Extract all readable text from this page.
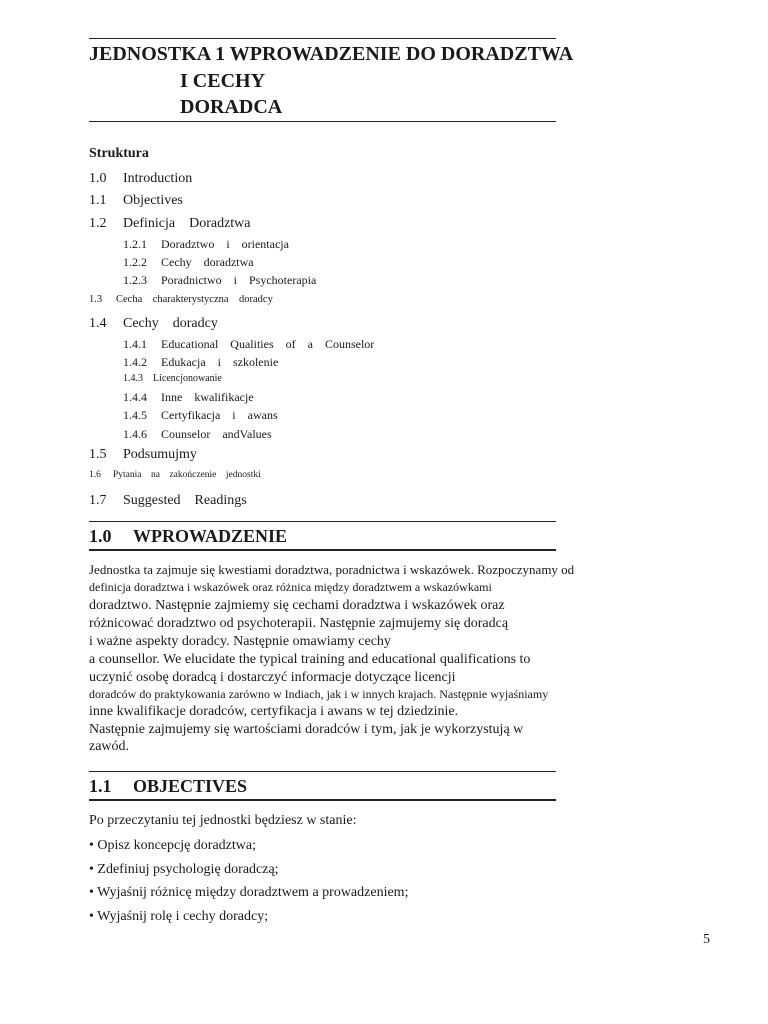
JEDNOSTKA 1 WPROWADZENIE DO DORADZTWA
I CECHY
DORADCA
Struktura
1.0 Introduction
1.1 Objectives
1.2 Definicja    Doradztwa
1.2.1 Doradztwo    i    orientacja
1.2.2 Cechy    doradztwa
1.2.3 Poradnictwo    i    Psychoterapia
1.3 Cecha    charakterystyczna    doradcy
1.4 Cechy    doradcy
1.4.1 Educational    Qualities    of    a    Counselor
1.4.2 Edukacja    i    szkolenie
1.4.3 Licencjonowanie
1.4.4 Inne    kwalifikacje
1.4.5 Certyfikacja    i    awans
1.4.6 Counselor    andValues
1.5 Podsumujmy
1.6 Pytania    na    zakończenie    jednostki
1.7 Suggested    Readings
1.0 WPROWADZENIE
Jednostka ta zajmuje się kwestiami doradztwa, poradnictwa i wskazówek. Rozpoczynamy od
definicja doradztwa i wskazówek oraz różnica między doradztwem a wskazówkami
doradztwo. Następnie zajmiemy się cechami doradztwa i wskazówek oraz
różnicować doradztwo od psychoterapii. Następnie zajmujemy się doradcą
i ważne aspekty doradcy. Następnie omawiamy cechy
a counsellor. We elucidate the typical training and educational qualifications to
uczynić osobę doradcą i dostarczyć informacje dotyczące licencji
doradców do praktykowania zarówno w Indiach, jak i w innych krajach. Następnie wyjaśniamy
inne kwalifikacje doradców, certyfikacja i awans w tej dziedzinie.
Następnie zajmujemy się wartościami doradców i tym, jak je wykorzystują w
zawód.
1.1 OBJECTIVES
Po przeczytaniu tej jednostki będziesz w stanie:
• Opisz koncepcję doradztwa;
• Zdefiniuj psychologię doradczą;
• Wyjaśnij różnicę między doradztwem a prowadzeniem;
• Wyjaśnij rolę i cechy doradcy;
5
